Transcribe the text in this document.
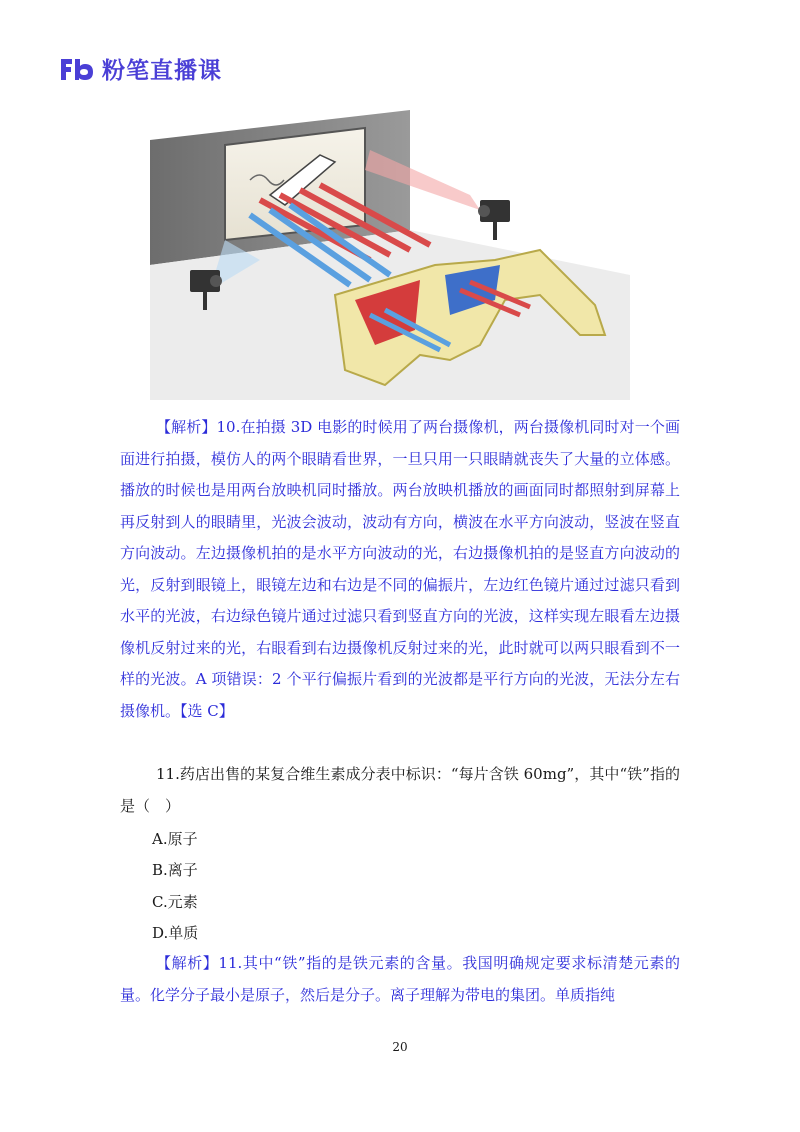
粉笔直播课

【解析】10.在拍摄 3D 电影的时候用了两台摄像机，两台摄像机同时对一个画面进行拍摄，模仿人的两个眼睛看世界，一旦只用一只眼睛就丧失了大量的立体感。播放的时候也是用两台放映机同时播放。两台放映机播放的画面同时都照射到屏幕上再反射到人的眼睛里，光波会波动，波动有方向，横波在水平方向波动，竖波在竖直方向波动。左边摄像机拍的是水平方向波动的光，右边摄像机拍的是竖直方向波动的光，反射到眼镜上，眼镜左边和右边是不同的偏振片，左边红色镜片通过过滤只看到水平的光波，右边绿色镜片通过过滤只看到竖直方向的光波，这样实现左眼看左边摄像机反射过来的光，右眼看到右边摄像机反射过来的光，此时就可以两只眼看到不一样的光波。A 项错误：2 个平行偏振片看到的光波都是平行方向的光波，无法分左右摄像机。【选 C】

11.药店出售的某复合维生素成分表中标识：“每片含铁 60mg”，其中“铁”指的是（　）

A.原子
B.离子
C.元素
D.单质

【解析】11.其中“铁”指的是铁元素的含量。我国明确规定要求标清楚元素的量。化学分子最小是原子，然后是分子。离子理解为带电的集团。单质指纯

20
